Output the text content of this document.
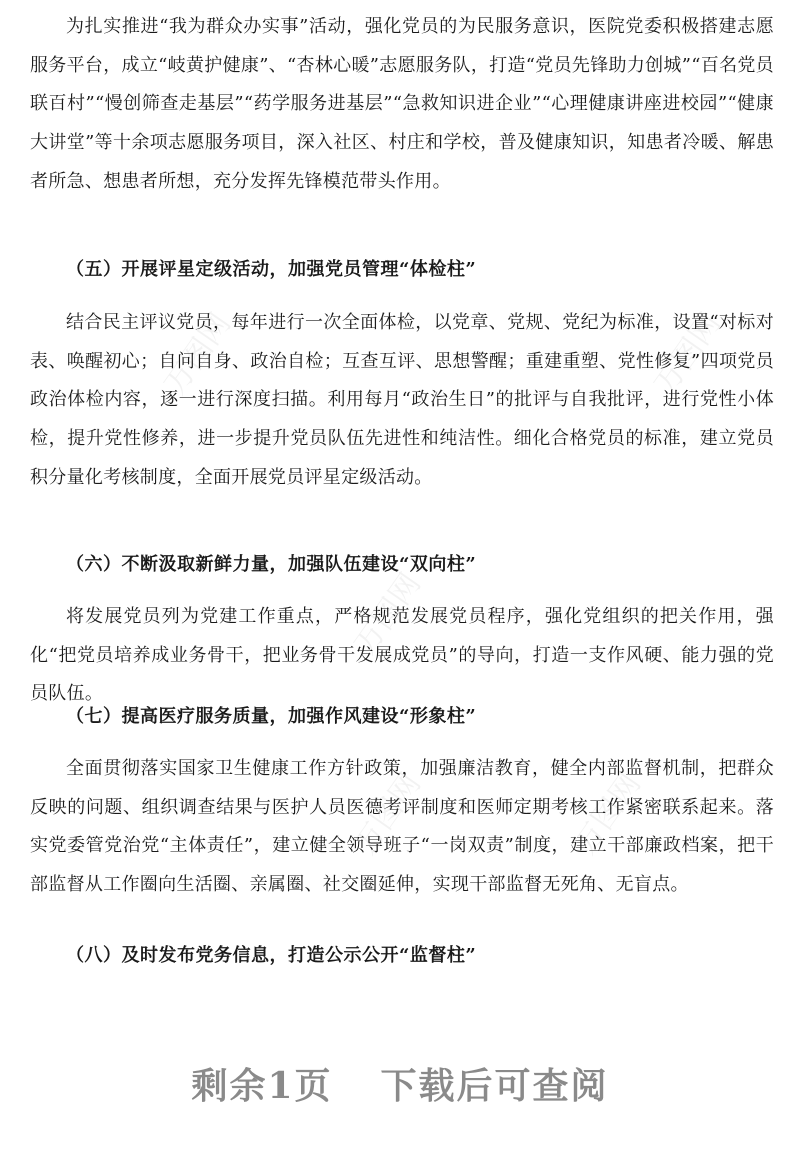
为扎实推进“我为群众办实事”活动，强化党员的为民服务意识，医院党委积极搭建志愿服务平台，成立“岐黄护健康”、“杏林心暖”志愿服务队，打造“党员先锋助力创城”“百名党员联百村”“慢创筛查走基层”“药学服务进基层”“急救知识进企业”“心理健康讲座进校园”“健康大讲堂”等十余项志愿服务项目，深入社区、村庄和学校，普及健康知识，知患者冷暖、解患者所急、想患者所想，充分发挥先锋模范带头作用。

（五）开展评星定级活动，加强党员管理“体检柱”

结合民主评议党员，每年进行一次全面体检，以党章、党规、党纪为标准，设置“对标对表、唤醒初心；自问自身、政治自检；互查互评、思想警醒；重建重塑、党性修复”四项党员政治体检内容，逐一进行深度扫描。利用每月“政治生日”的批评与自我批评，进行党性小体检，提升党性修养，进一步提升党员队伍先进性和纯洁性。细化合格党员的标准，建立党员积分量化考核制度，全面开展党员评星定级活动。

（六）不断汲取新鲜力量，加强队伍建设“双向柱”

将发展党员列为党建工作重点，严格规范发展党员程序，强化党组织的把关作用，强化“把党员培养成业务骨干，把业务骨干发展成党员”的导向，打造一支作风硬、能力强的党员队伍。

（七）提高医疗服务质量，加强作风建设“形象柱”

全面贯彻落实国家卫生健康工作方针政策，加强廉洁教育，健全内部监督机制，把群众反映的问题、组织调查结果与医护人员医德考评制度和医师定期考核工作紧密联系起来。落实党委管党治党“主体责任”，建立健全领导班子“一岗双责”制度，建立干部廉政档案，把干部监督从工作圈向生活圈、亲属圈、社交圈延伸，实现干部监督无死角、无盲点。

（八）及时发布党务信息，打造公示公开“监督柱”

万图网	万图网
万图网
万图网	万图网
剩余1页 下载后可查阅
